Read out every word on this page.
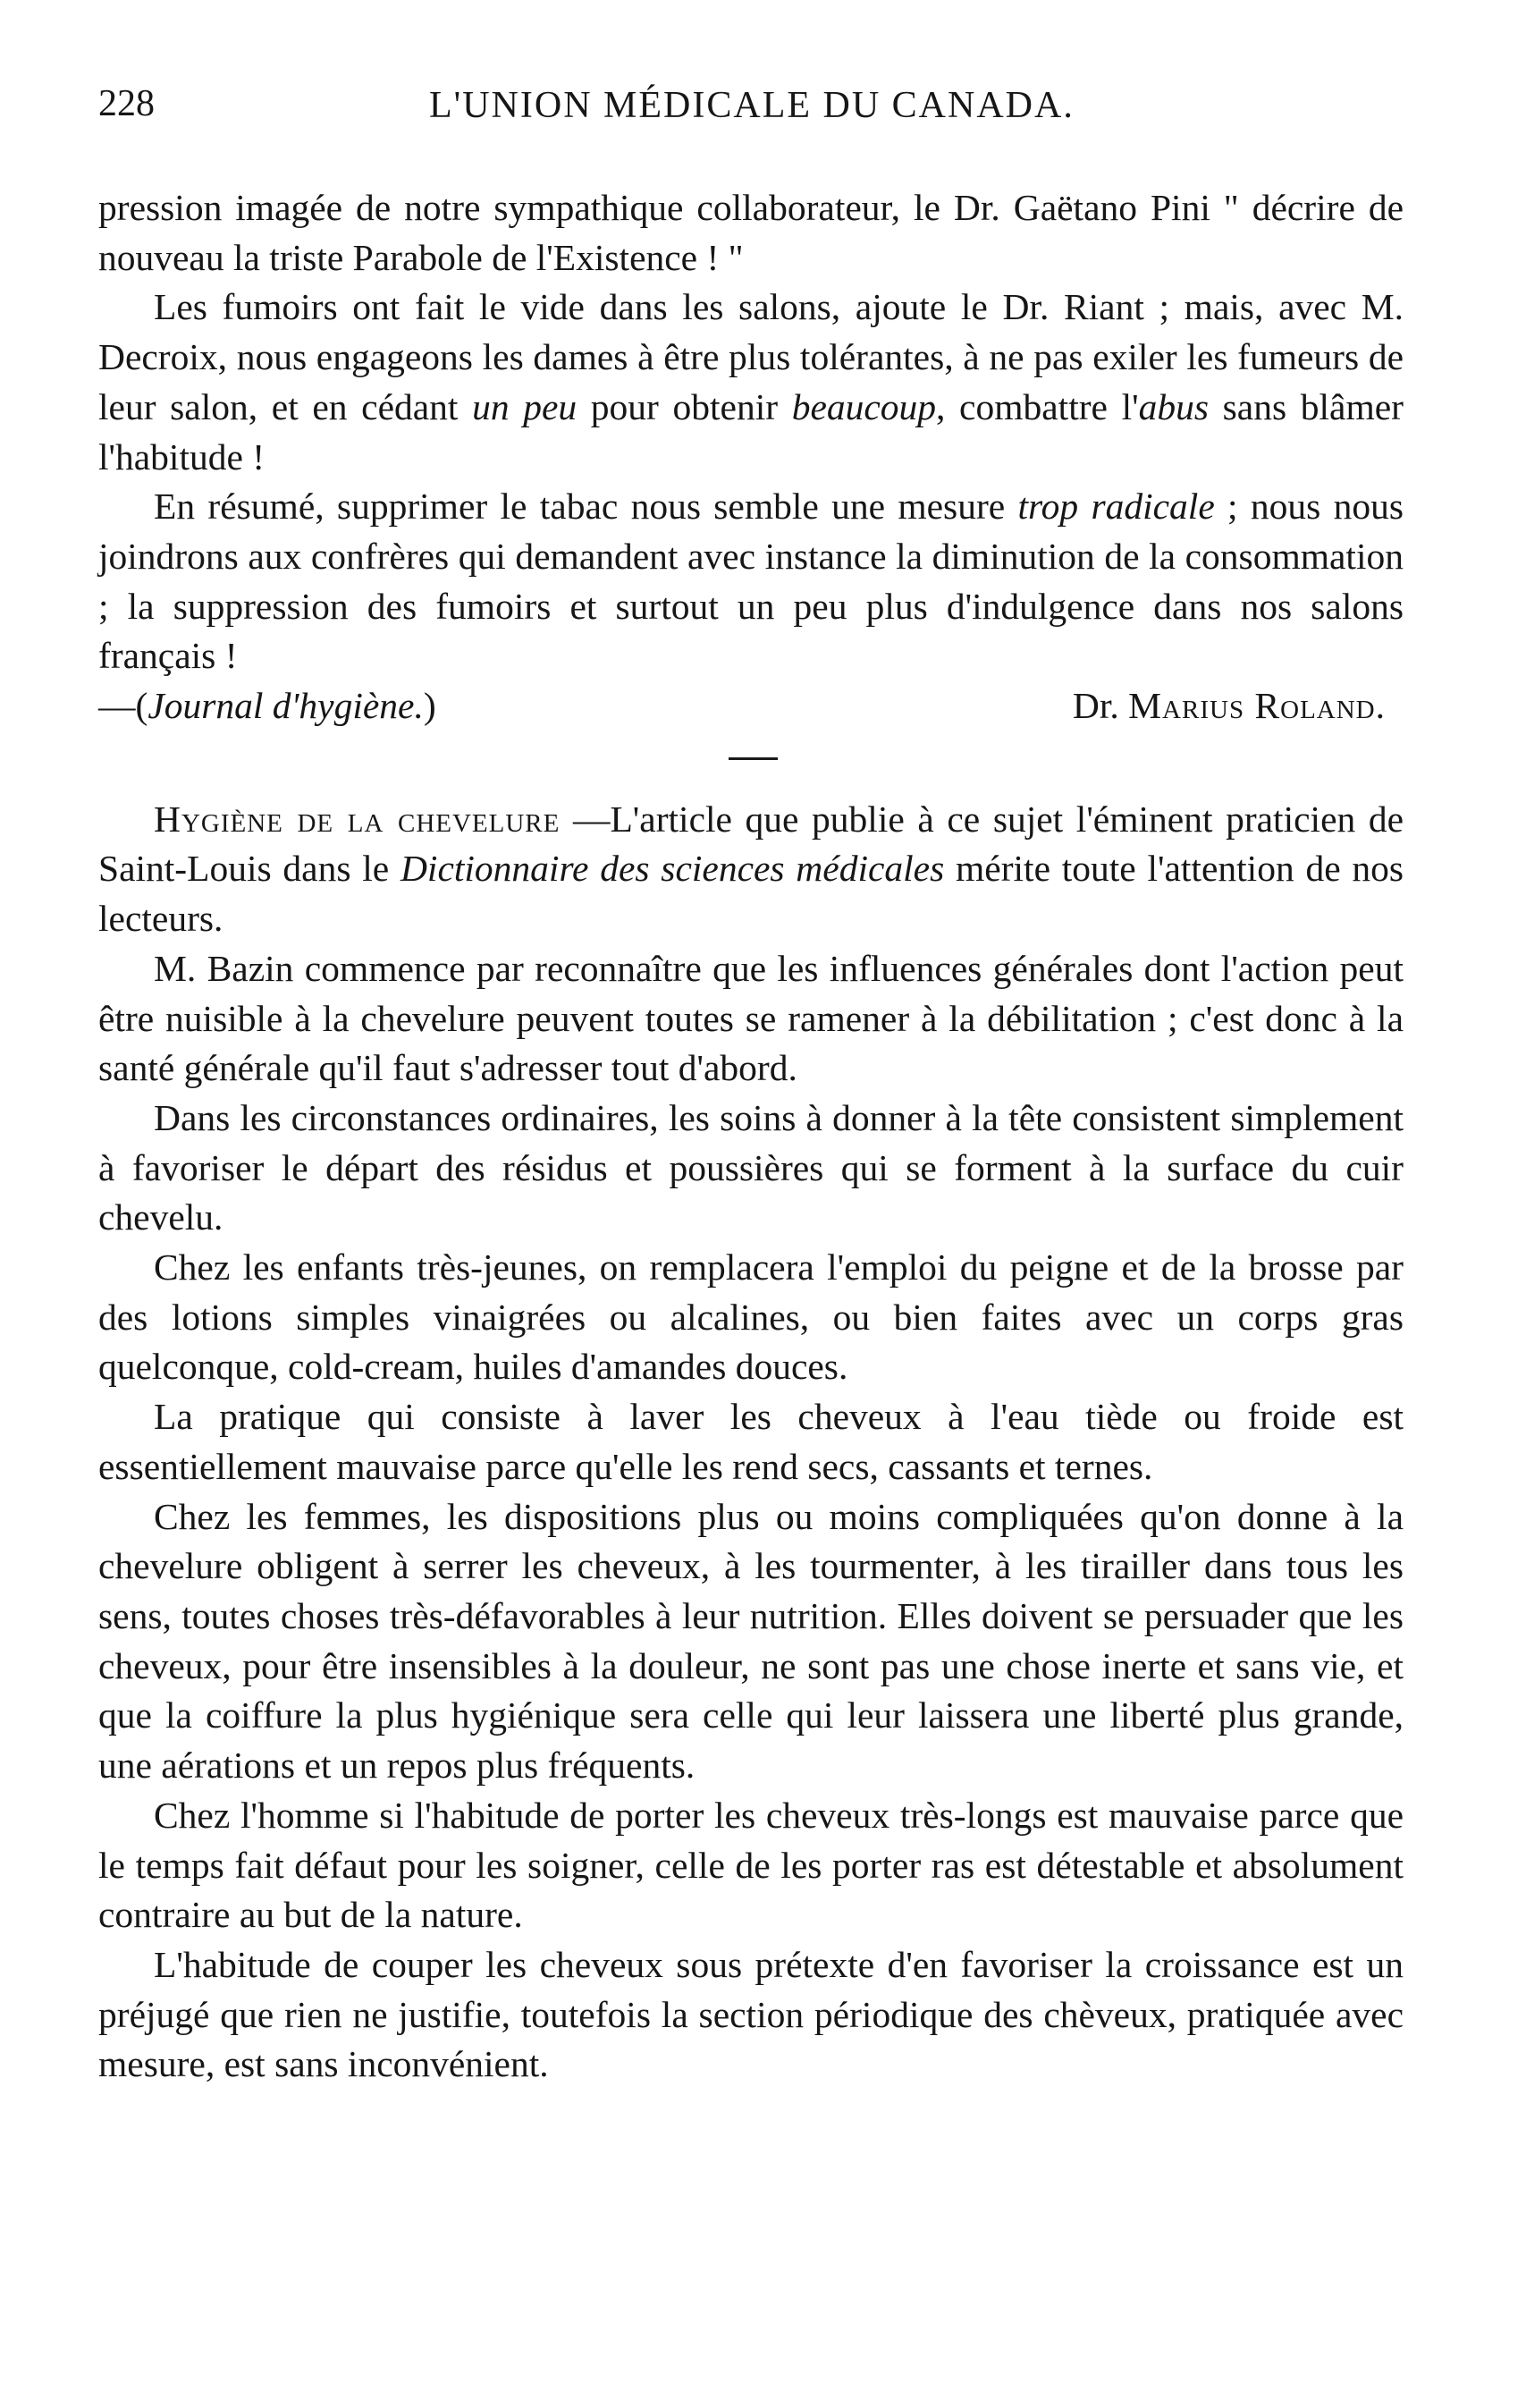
228	L'UNION MÉDICALE DU CANADA.

pression imagée de notre sympathique collaborateur, le Dr. Gaëtano Pini " décrire de nouveau la triste Parabole de l'Existence ! "

Les fumoirs ont fait le vide dans les salons, ajoute le Dr. Riant ; mais, avec M. Decroix, nous engageons les dames à être plus tolérantes, à ne pas exiler les fumeurs de leur salon, et en cédant un peu pour obtenir beaucoup, combattre l'abus sans blâmer l'habitude !

En résumé, supprimer le tabac nous semble une mesure trop radicale ; nous nous joindrons aux confrères qui demandent avec instance la diminution de la consommation ; la suppression des fumoirs et surtout un peu plus d'indulgence dans nos salons français !

—(Journal d'hygiène.)	Dr. Marius Roland.

Hygiène de la chevelure —L'article que publie à ce sujet l'éminent praticien de Saint-Louis dans le Dictionnaire des sciences médicales mérite toute l'attention de nos lecteurs.

M. Bazin commence par reconnaître que les influences générales dont l'action peut être nuisible à la chevelure peuvent toutes se ramener à la débilitation ; c'est donc à la santé générale qu'il faut s'adresser tout d'abord.

Dans les circonstances ordinaires, les soins à donner à la tête consistent simplement à favoriser le départ des résidus et poussières qui se forment à la surface du cuir chevelu.

Chez les enfants très-jeunes, on remplacera l'emploi du peigne et de la brosse par des lotions simples vinaigrées ou alcalines, ou bien faites avec un corps gras quelconque, cold-cream, huiles d'amandes douces.

La pratique qui consiste à laver les cheveux à l'eau tiède ou froide est essentiellement mauvaise parce qu'elle les rend secs, cassants et ternes.

Chez les femmes, les dispositions plus ou moins compliquées qu'on donne à la chevelure obligent à serrer les cheveux, à les tourmenter, à les tirailler dans tous les sens, toutes choses très-défavorables à leur nutrition. Elles doivent se persuader que les cheveux, pour être insensibles à la douleur, ne sont pas une chose inerte et sans vie, et que la coiffure la plus hygiénique sera celle qui leur laissera une liberté plus grande, une aérations et un repos plus fréquents.

Chez l'homme si l'habitude de porter les cheveux très-longs est mauvaise parce que le temps fait défaut pour les soigner, celle de les porter ras est détestable et absolument contraire au but de la nature.

L'habitude de couper les cheveux sous prétexte d'en favoriser la croissance est un préjugé que rien ne justifie, toutefois la section périodique des chèveux, pratiquée avec mesure, est sans inconvénient.
